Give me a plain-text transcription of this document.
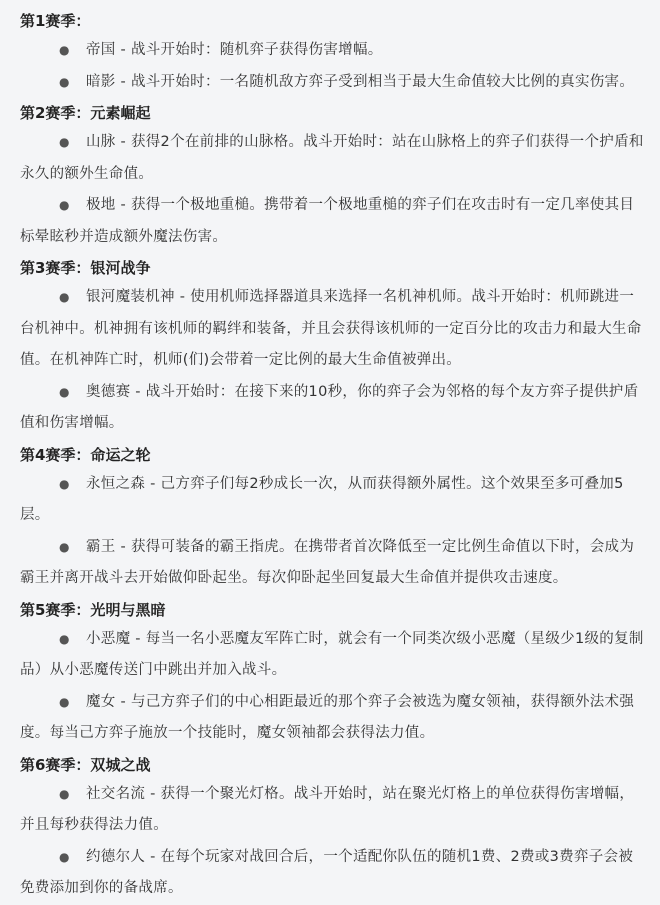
第1赛季：
● 帝国 - 战斗开始时：随机弈子获得伤害增幅。
● 暗影 - 战斗开始时：一名随机敌方弈子受到相当于最大生命值较大比例的真实伤害。
第2赛季：元素崛起
● 山脉 - 获得2个在前排的山脉格。战斗开始时：站在山脉格上的弈子们获得一个护盾和永久的额外生命值。
● 极地 - 获得一个极地重槌。携带着一个极地重槌的弈子们在攻击时有一定几率使其目标晕眩秒并造成额外魔法伤害。
第3赛季：银河战争
● 银河魔装机神 - 使用机师选择器道具来选择一名机神机师。战斗开始时：机师跳进一台机神中。机神拥有该机师的羁绊和装备，并且会获得该机师的一定百分比的攻击力和最大生命值。在机神阵亡时，机师(们)会带着一定比例的最大生命值被弹出。
● 奥德赛 - 战斗开始时：在接下来的10秒，你的弈子会为邻格的每个友方弈子提供护盾值和伤害增幅。
第4赛季：命运之轮
● 永恒之森 - 己方弈子们每2秒成长一次，从而获得额外属性。这个效果至多可叠加5层。
● 霸王 - 获得可装备的霸王指虎。在携带者首次降低至一定比例生命值以下时，会成为霸王并离开战斗去开始做仰卧起坐。每次仰卧起坐回复最大生命值并提供攻击速度。
第5赛季：光明与黑暗
● 小恶魔 - 每当一名小恶魔友军阵亡时，就会有一个同类次级小恶魔（星级少1级的复制品）从小恶魔传送门中跳出并加入战斗。
● 魔女 - 与己方弈子们的中心相距最近的那个弈子会被选为魔女领袖，获得额外法术强度。每当己方弈子施放一个技能时，魔女领袖都会获得法力值。
第6赛季：双城之战
● 社交名流 - 获得一个聚光灯格。战斗开始时，站在聚光灯格上的单位获得伤害增幅，并且每秒获得法力值。
● 约德尔人 - 在每个玩家对战回合后，一个适配你队伍的随机1费、2费或3费弈子会被免费添加到你的备战席。
